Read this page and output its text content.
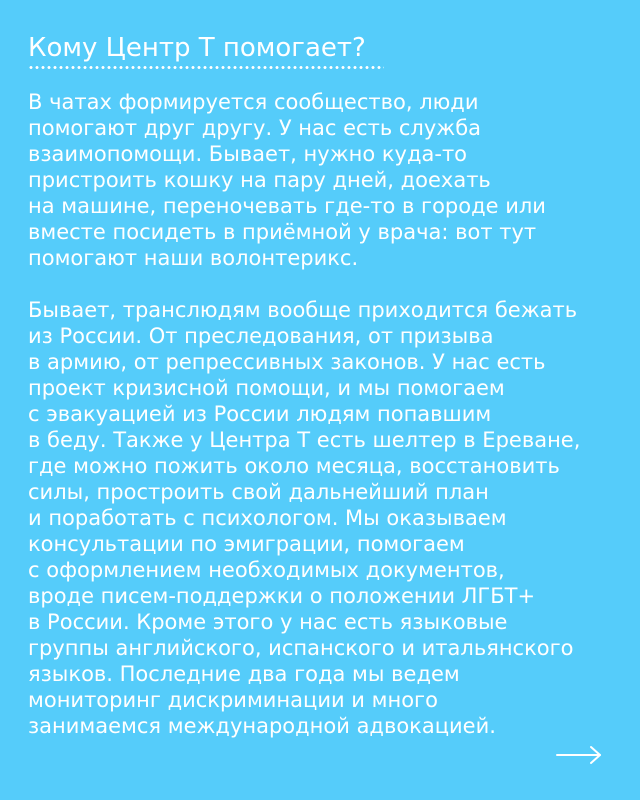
Кому Центр Т помогает?
В чатах формируется сообщество, люди
помогают друг другу. У нас есть служба
взаимопомощи. Бывает, нужно куда-то
пристроить кошку на пару дней, доехать
на машине, переночевать где-то в городе или
вместе посидеть в приёмной у врача: вот тут
помогают наши волонтерикс.
Бывает, транслюдям вообще приходится бежать
из России. От преследования, от призыва
в армию, от репрессивных законов. У нас есть
проект кризисной помощи, и мы помогаем
с эвакуацией из России людям попавшим
в беду. Также у Центра Т есть шелтер в Ереване,
где можно пожить около месяца, восстановить
силы, простроить свой дальнейший план
и поработать с психологом. Мы оказываем
консультации по эмиграции, помогаем
с оформлением необходимых документов,
вроде писем-поддержки о положении ЛГБТ+
в России. Кроме этого у нас есть языковые
группы английского, испанского и итальянского
языков. Последние два года мы ведем
мониторинг дискриминации и много
занимаемся международной адвокацией.
